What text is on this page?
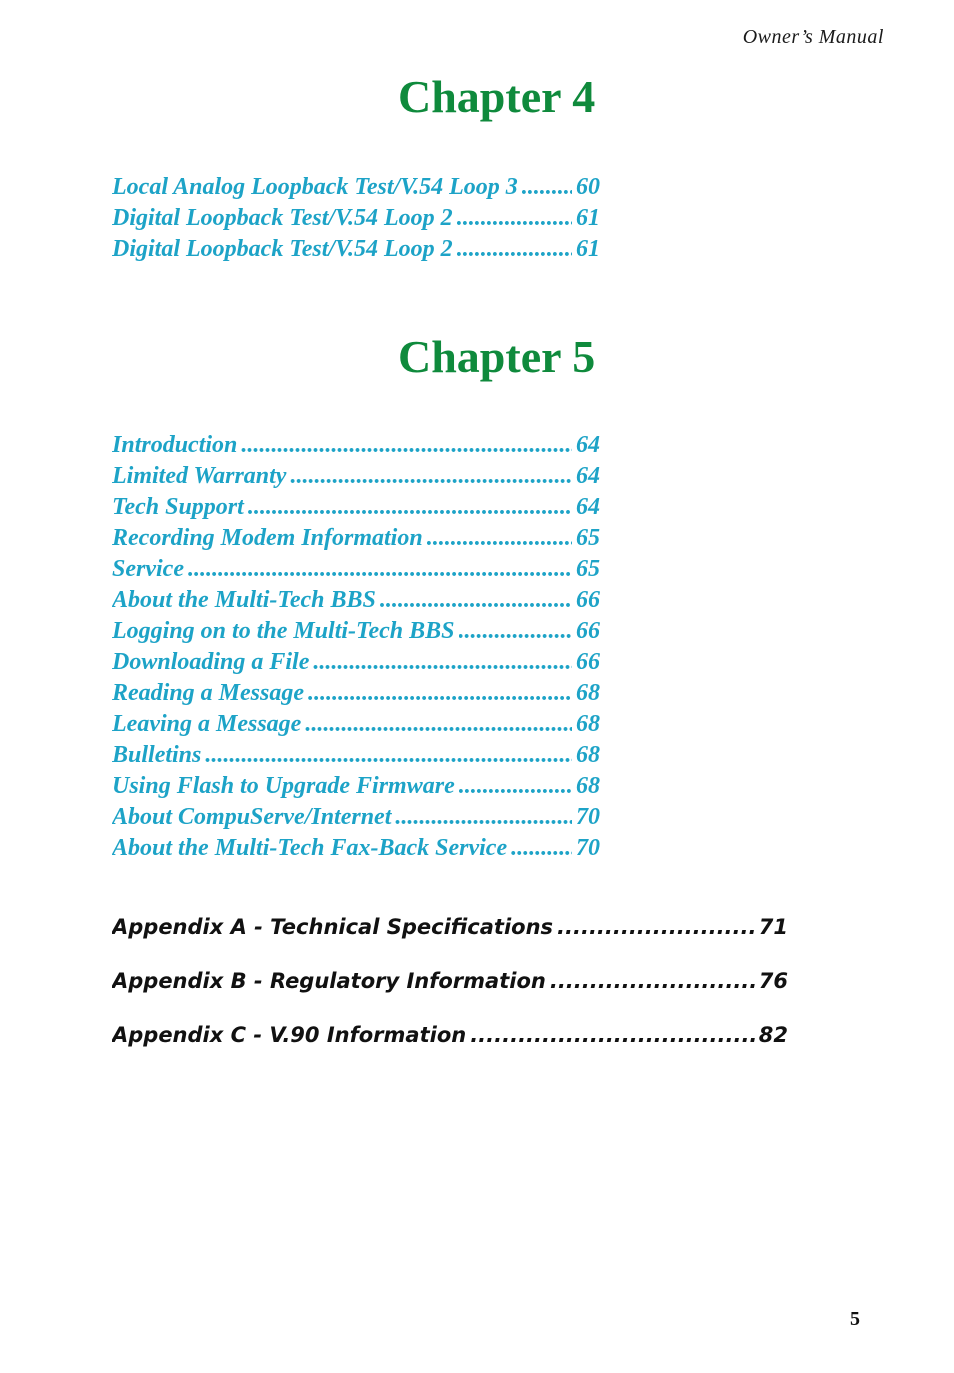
Owner’s Manual
Chapter 4
Local Analog Loopback Test/V.54 Loop 3 ..... 60
Digital Loopback Test/V.54 Loop 2 .....	61
Digital Loopback Test/V.54 Loop 2 .....	61
Chapter 5
Introduction .....	64
Limited Warranty .....	64
Tech Support .....	64
Recording Modem Information .....	65
Service .....	65
About the Multi-Tech BBS .....	66
Logging on to the Multi-Tech BBS .....	66
Downloading a File .....	66
Reading a Message .....	68
Leaving a Message .....	68
Bulletins .....	68
Using Flash to Upgrade Firmware .....	68
About CompuServe/Internet .....	70
About the Multi-Tech Fax-Back Service .....	70
Appendix A - Technical Specifications .....	71
Appendix B - Regulatory Information .....	76
Appendix C - V.90 Information .....	82
5
